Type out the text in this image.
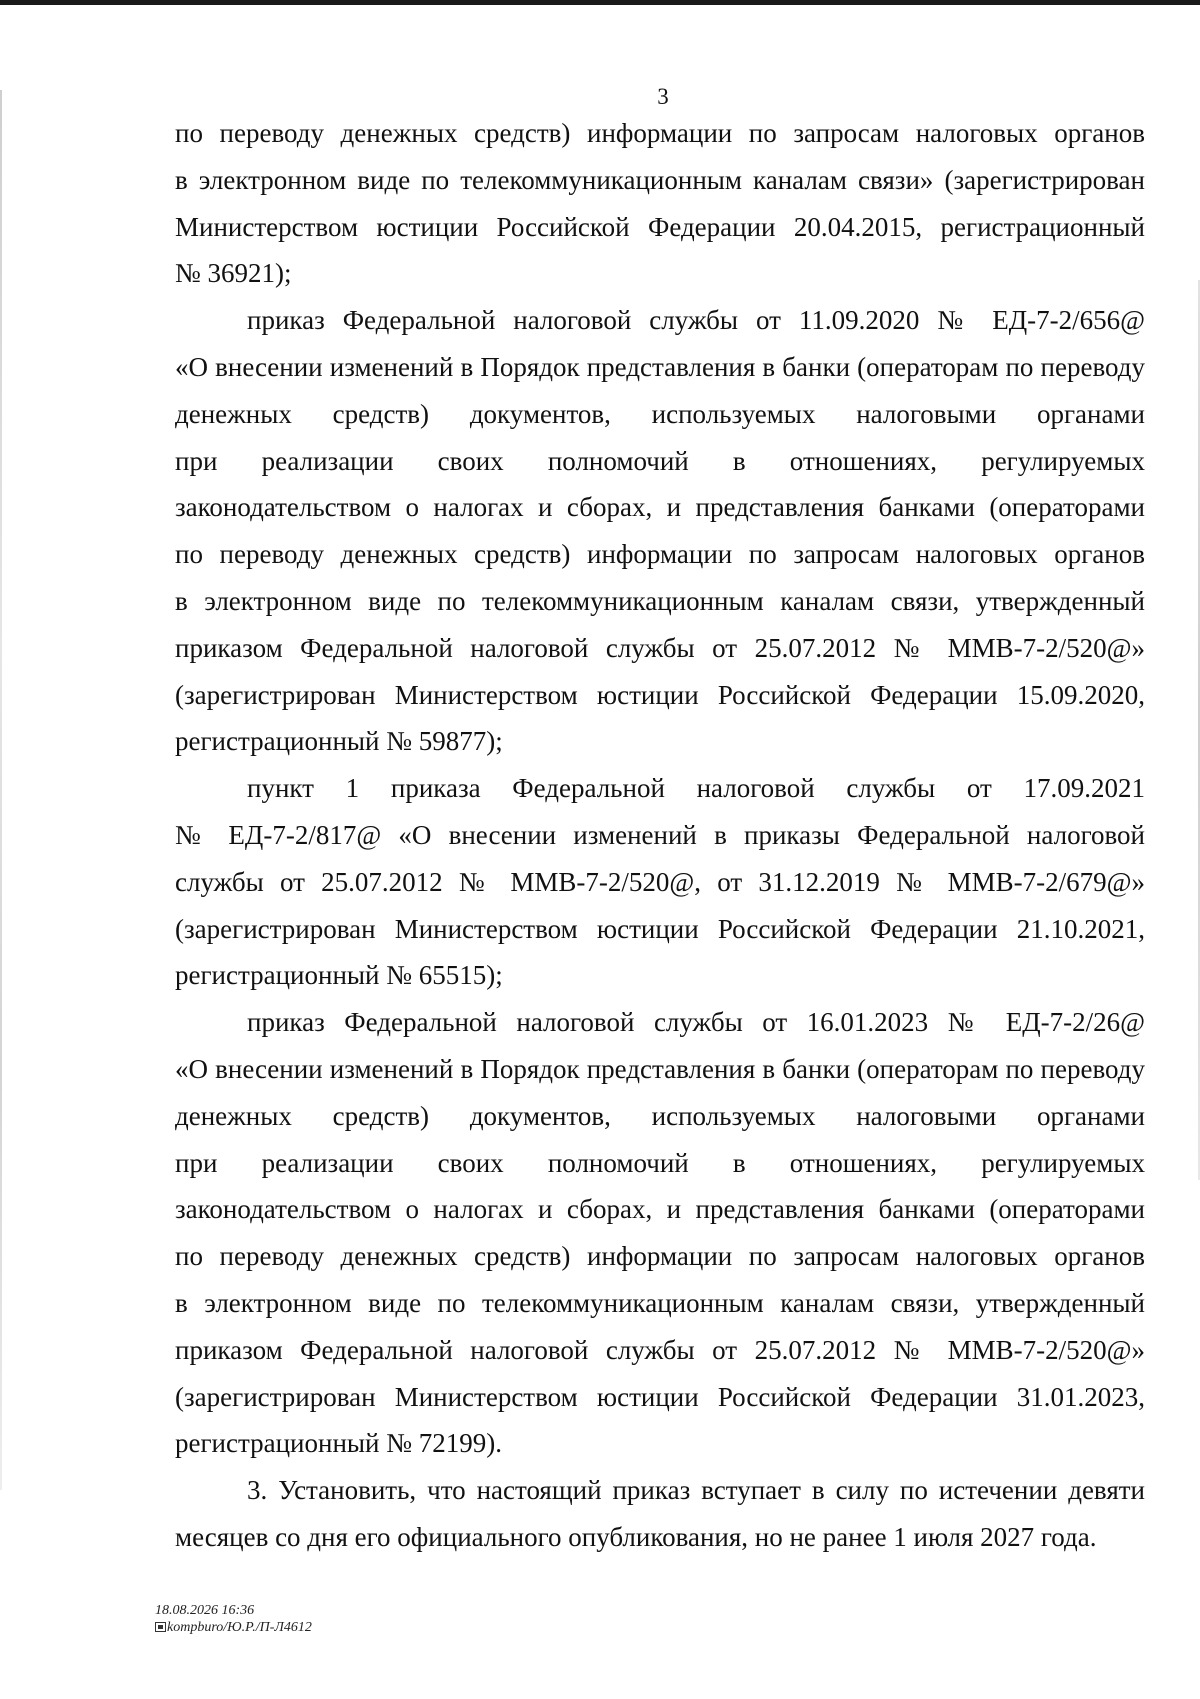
3
по переводу денежных средств) информации по запросам налоговых органов
в электронном виде по телекоммуникационным каналам связи» (зарегистрирован
Министерством юстиции Российской Федерации 20.04.2015, регистрационный
№ 36921);
приказ Федеральной налоговой службы от 11.09.2020 № ЕД-7-2/656@
«О внесении изменений в Порядок представления в банки (операторам по переводу
денежных средств) документов, используемых налоговыми органами
при реализации своих полномочий в отношениях, регулируемых
законодательством о налогах и сборах, и представления банками (операторами
по переводу денежных средств) информации по запросам налоговых органов
в электронном виде по телекоммуникационным каналам связи, утвержденный
приказом Федеральной налоговой службы от 25.07.2012 № ММВ-7-2/520@»
(зарегистрирован Министерством юстиции Российской Федерации 15.09.2020,
регистрационный № 59877);
пункт 1 приказа Федеральной налоговой службы от 17.09.2021
№ ЕД-7-2/817@ «О внесении изменений в приказы Федеральной налоговой
службы от 25.07.2012 № ММВ-7-2/520@, от 31.12.2019 № ММВ-7-2/679@»
(зарегистрирован Министерством юстиции Российской Федерации 21.10.2021,
регистрационный № 65515);
приказ Федеральной налоговой службы от 16.01.2023 № ЕД-7-2/26@
«О внесении изменений в Порядок представления в банки (операторам по переводу
денежных средств) документов, используемых налоговыми органами
при реализации своих полномочий в отношениях, регулируемых
законодательством о налогах и сборах, и представления банками (операторами
по переводу денежных средств) информации по запросам налоговых органов
в электронном виде по телекоммуникационным каналам связи, утвержденный
приказом Федеральной налоговой службы от 25.07.2012 № ММВ-7-2/520@»
(зарегистрирован Министерством юстиции Российской Федерации 31.01.2023,
регистрационный № 72199).
3. Установить, что настоящий приказ вступает в силу по истечении девяти
месяцев со дня его официального опубликования, но не ранее 1 июля 2027 года.
18.08.2026 16:36
kompburo/Ю.Р./П-Л4612
